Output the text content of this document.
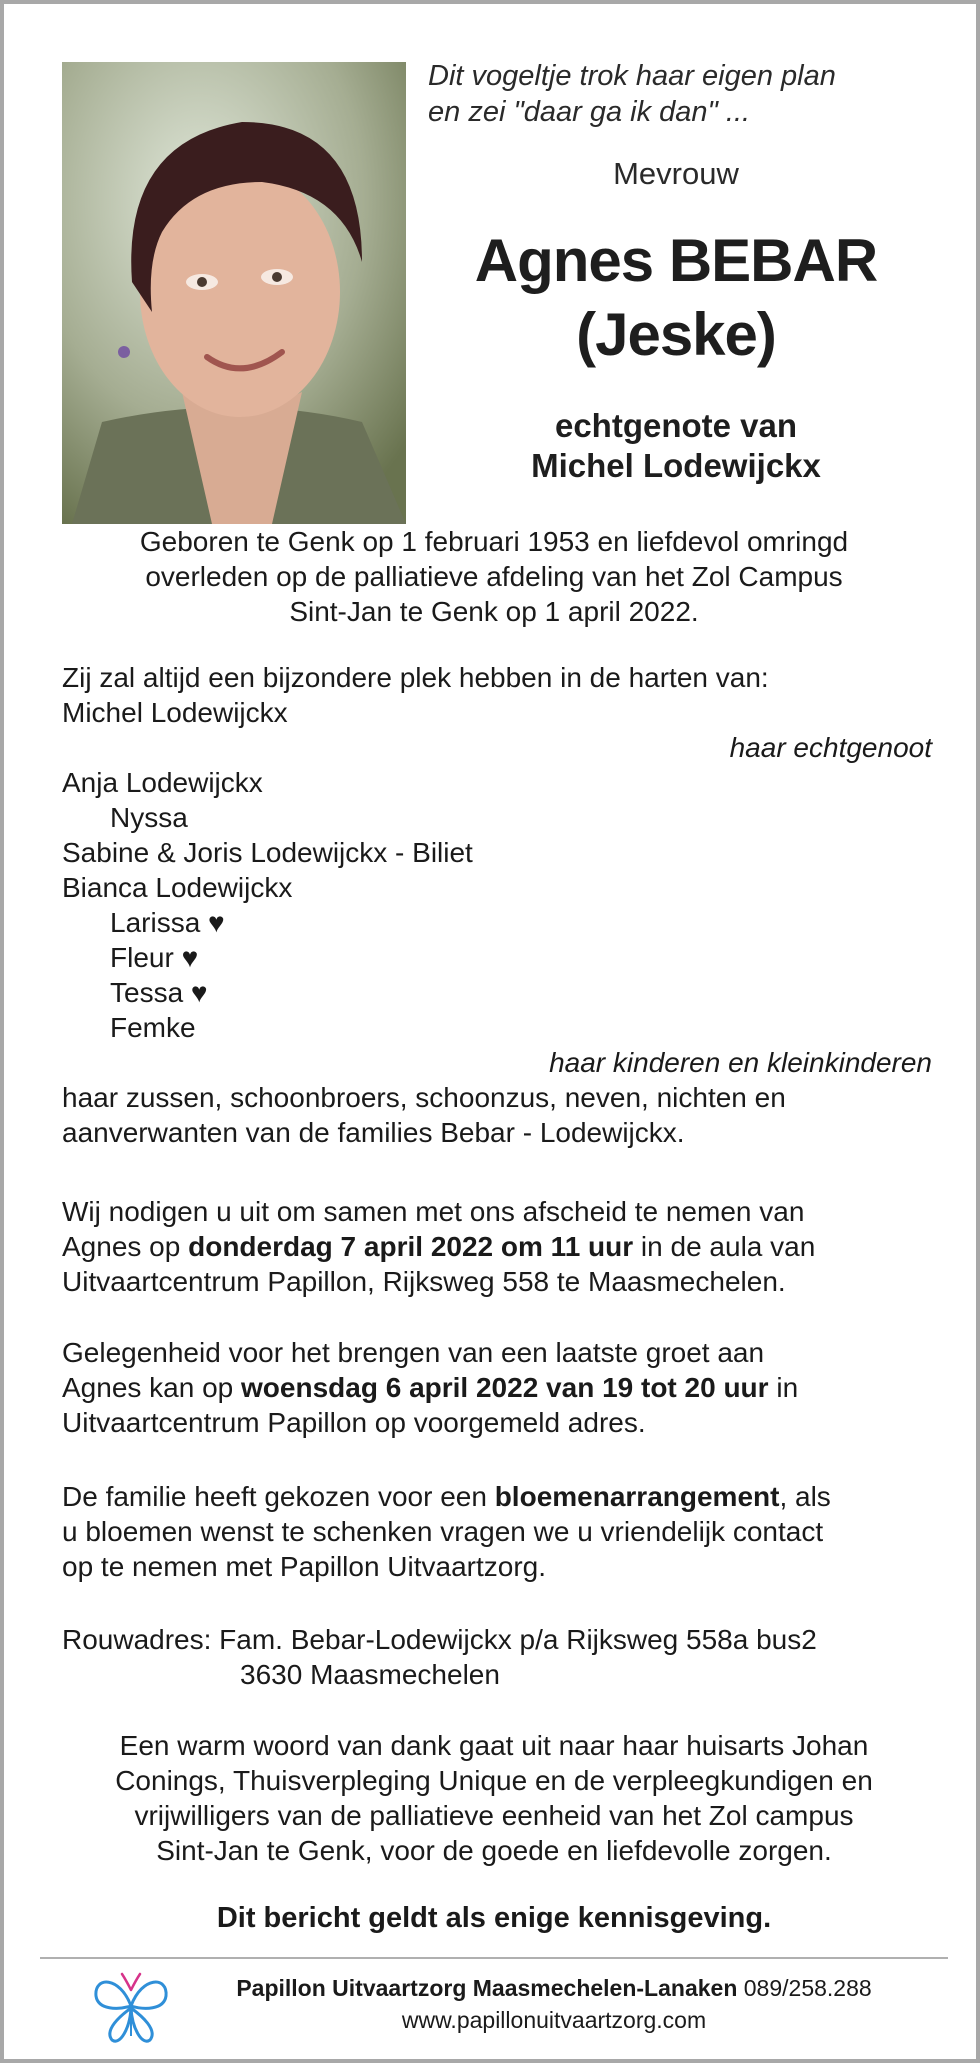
Dit vogeltje trok haar eigen plan
en zei "daar ga ik dan" ...
Mevrouw
Agnes BEBAR
(Jeske)
echtgenote van
Michel Lodewijckx
Geboren te Genk op 1 februari 1953 en liefdevol omringd
overleden op de palliatieve afdeling van het Zol Campus
Sint-Jan te Genk op 1 april 2022.
Zij zal altijd een bijzondere plek hebben in de harten van:
Michel Lodewijckx
haar echtgenoot
Anja Lodewijckx
Nyssa
Sabine & Joris Lodewijckx - Biliet
Bianca Lodewijckx
Larissa ♥
Fleur ♥
Tessa ♥
Femke
haar kinderen en kleinkinderen
haar zussen, schoonbroers, schoonzus, neven, nichten en
aanverwanten van de families Bebar - Lodewijckx.
Wij nodigen u uit om samen met ons afscheid te nemen van
Agnes op donderdag 7 april 2022 om 11 uur in de aula van
Uitvaartcentrum Papillon, Rijksweg 558 te Maasmechelen.
Gelegenheid voor het brengen van een laatste groet aan
Agnes kan op woensdag 6 april 2022 van 19 tot 20 uur in
Uitvaartcentrum Papillon op voorgemeld adres.
De familie heeft gekozen voor een bloemenarrangement, als
u bloemen wenst te schenken vragen we u vriendelijk contact
op te nemen met Papillon Uitvaartzorg.
Rouwadres: Fam. Bebar-Lodewijckx p/a Rijksweg 558a bus2
3630 Maasmechelen
Een warm woord van dank gaat uit naar haar huisarts Johan
Conings, Thuisverpleging Unique en de verpleegkundigen en
vrijwilligers van de palliatieve eenheid van het Zol campus
Sint-Jan te Genk, voor de goede en liefdevolle zorgen.
Dit bericht geldt als enige kennisgeving.
Papillon Uitvaartzorg Maasmechelen-Lanaken 089/258.288
www.papillonuitvaartzorg.com
